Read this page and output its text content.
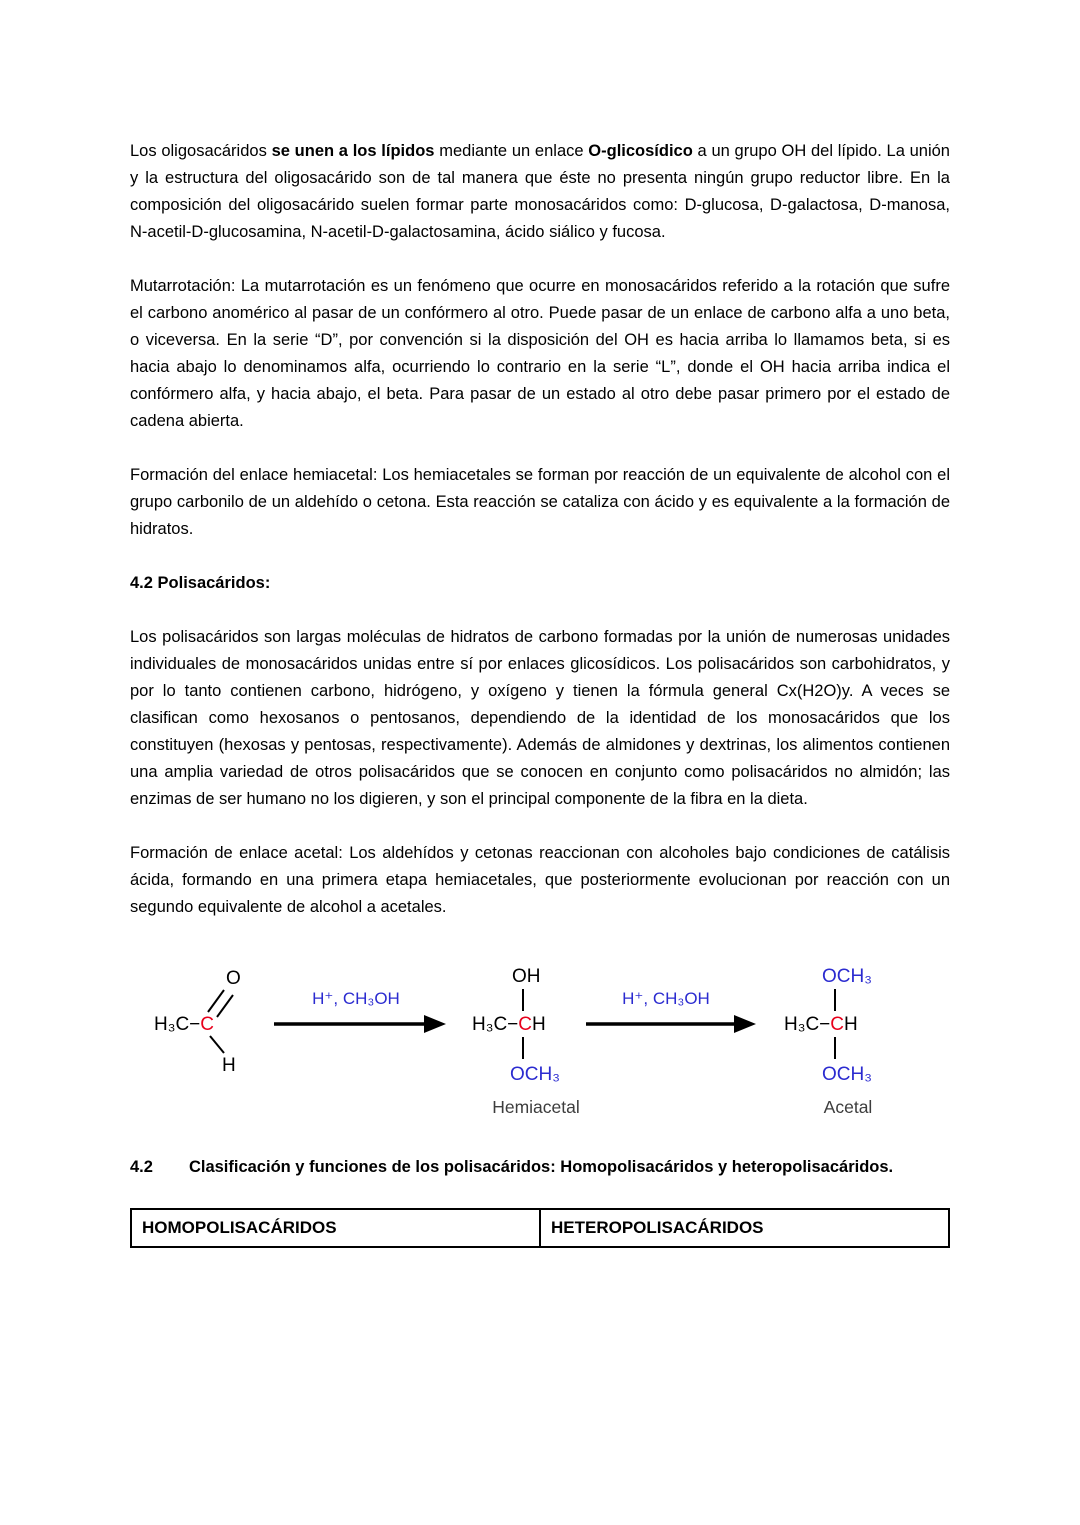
Los oligosacáridos se unen a los lípidos mediante un enlace O-glicosídico a un grupo OH del lípido. La unión y la estructura del oligosacárido son de tal manera que éste no presenta ningún grupo reductor libre. En la composición del oligosacárido suelen formar parte monosacáridos como: D-glucosa, D-galactosa, D-manosa, N-acetil-D-glucosamina, N-acetil-D-galactosamina, ácido siálico y fucosa.

Mutarrotación: La mutarrotación es un fenómeno que ocurre en monosacáridos referido a la rotación que sufre el carbono anomérico al pasar de un confórmero al otro. Puede pasar de un enlace de carbono alfa a uno beta, o viceversa. En la serie “D”, por convención si la disposición del OH es hacia arriba lo llamamos beta, si es hacia abajo lo denominamos alfa, ocurriendo lo contrario en la serie “L”, donde el OH hacia arriba indica el confórmero alfa, y hacia abajo, el beta. Para pasar de un estado al otro debe pasar primero por el estado de cadena abierta.

Formación del enlace hemiacetal: Los hemiacetales se forman por reacción de un equivalente de alcohol con el grupo carbonilo de un aldehído o cetona. Esta reacción se cataliza con ácido y es equivalente a la formación de hidratos.

4.2 Polisacáridos:

Los polisacáridos son largas moléculas de hidratos de carbono formadas por la unión de numerosas unidades individuales de monosacáridos unidas entre sí por enlaces glicosídicos. Los polisacáridos son carbohidratos, y por lo tanto contienen carbono, hidrógeno, y oxígeno y tienen la fórmula general Cx(H2O)y. A veces se clasifican como hexosanos o pentosanos, dependiendo de la identidad de los monosacáridos que los constituyen (hexosas y pentosas, respectivamente). Además de almidones y dextrinas, los alimentos contienen una amplia variedad de otros polisacáridos que se conocen en conjunto como polisacáridos no almidón; las enzimas de ser humano no los digieren, y son el principal componente de la fibra en la dieta.

Formación de enlace acetal: Los aldehídos y cetonas reaccionan con alcoholes bajo condiciones de catálisis ácida, formando en una primera etapa hemiacetales, que posteriormente evolucionan por reacción con un segundo equivalente de alcohol a acetales.

H₃C−C
O
H
H⁺, CH₃OH
OH
H₃C−CH
OCH₃
Hemiacetal
H⁺, CH₃OH
OCH₃
H₃C−CH
OCH₃
Acetal

4.2 Clasificación y funciones de los polisacáridos: Homopolisacáridos y heteropolisacáridos.

HOMOPOLISACÁRIDOS	HETEROPOLISACÁRIDOS
